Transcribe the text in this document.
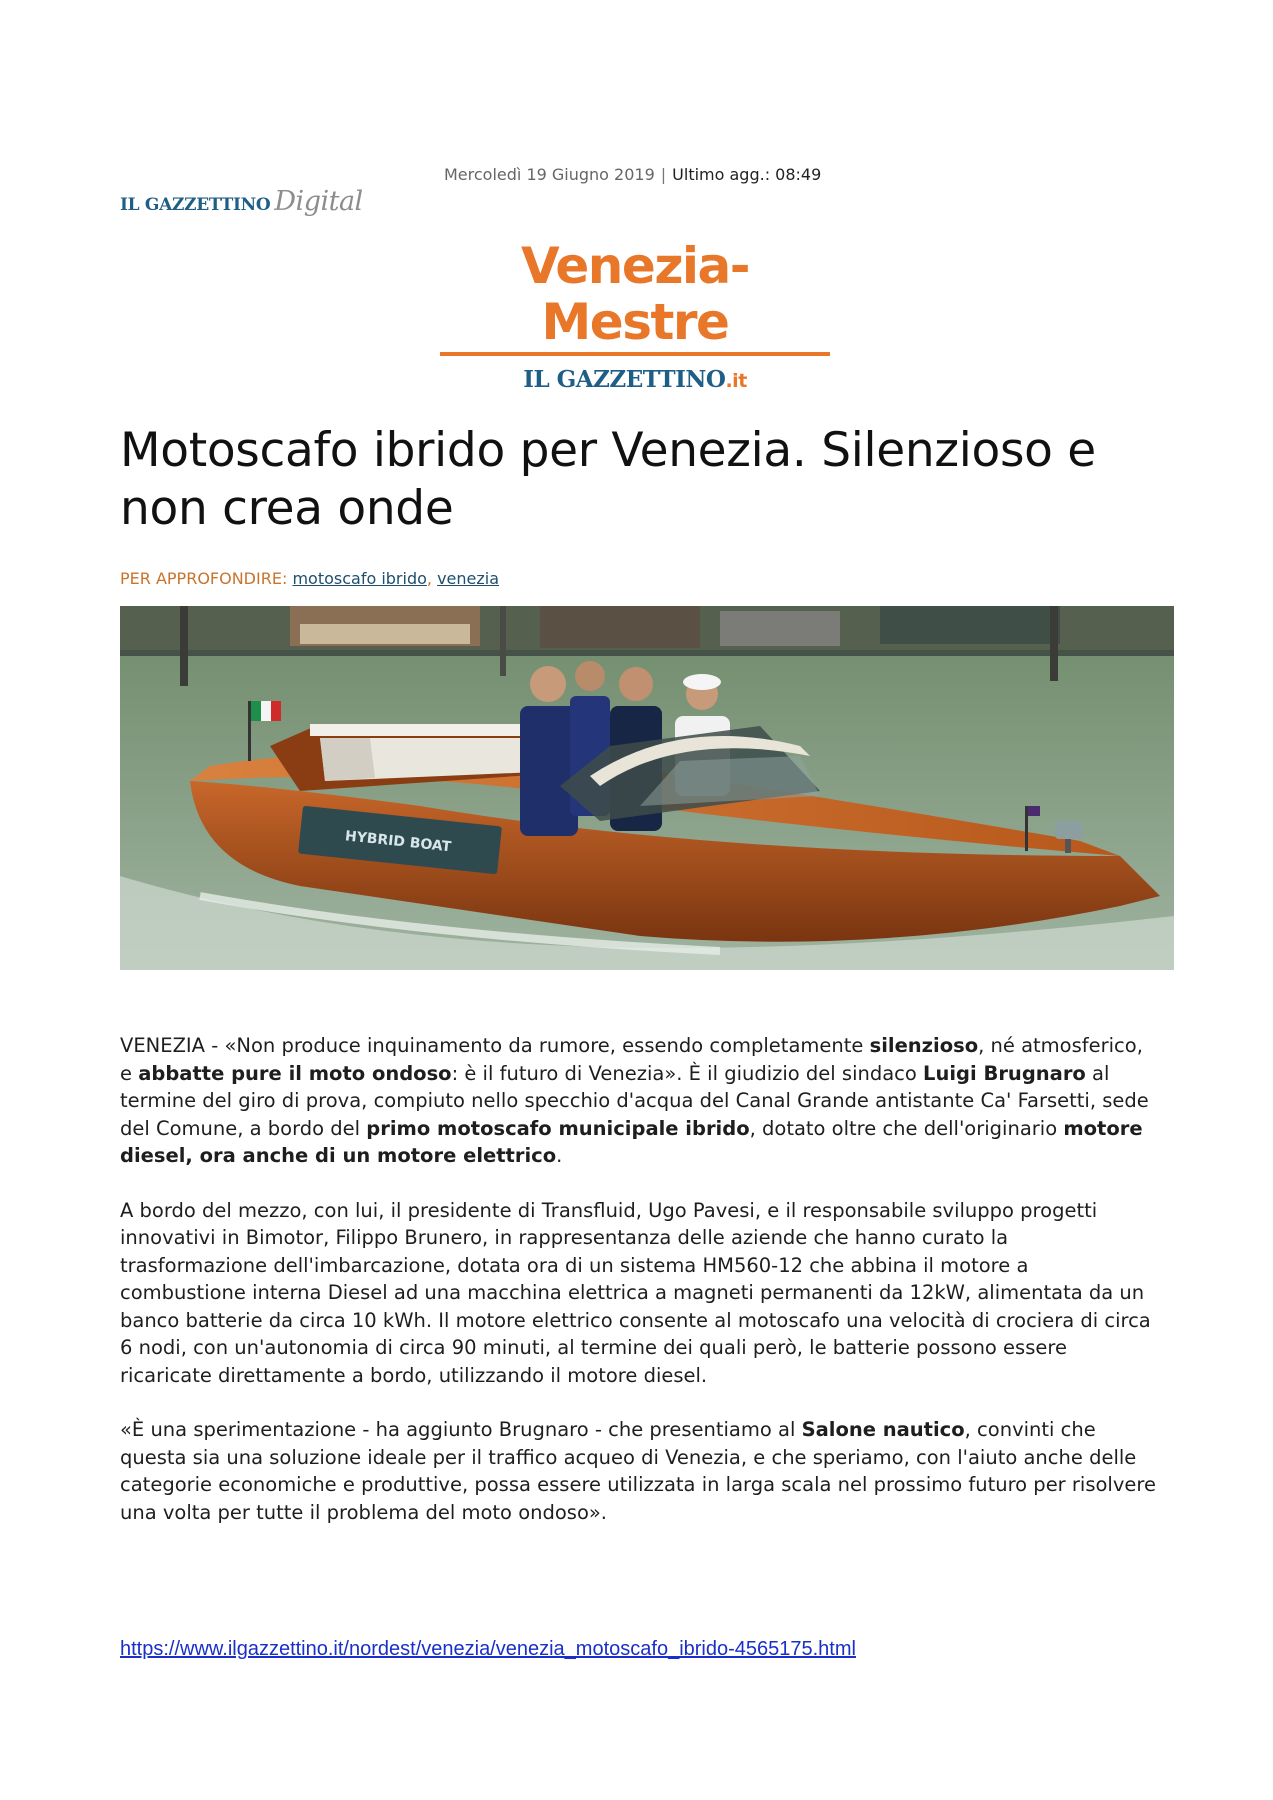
IL GAZZETTINO Digital
Mercoledì 19 Giugno 2019 | Ultimo agg.: 08:49
Venezia-Mestre
IL GAZZETTINO.it
Motoscafo ibrido per Venezia. Silenzioso e non crea onde
PER APPROFONDIRE: motoscafo ibrido, venezia
HYBRID BOAT

VENEZIA - «Non produce inquinamento da rumore, essendo completamente silenzioso, né atmosferico, e abbatte pure il moto ondoso: è il futuro di Venezia». È il giudizio del sindaco Luigi Brugnaro al termine del giro di prova, compiuto nello specchio d'acqua del Canal Grande antistante Ca' Farsetti, sede del Comune, a bordo del primo motoscafo municipale ibrido, dotato oltre che dell'originario motore diesel, ora anche di un motore elettrico.

A bordo del mezzo, con lui, il presidente di Transfluid, Ugo Pavesi, e il responsabile sviluppo progetti innovativi in Bimotor, Filippo Brunero, in rappresentanza delle aziende che hanno curato la trasformazione dell'imbarcazione, dotata ora di un sistema HM560-12 che abbina il motore a combustione interna Diesel ad una macchina elettrica a magneti permanenti da 12kW, alimentata da un banco batterie da circa 10 kWh. Il motore elettrico consente al motoscafo una velocità di crociera di circa 6 nodi, con un'autonomia di circa 90 minuti, al termine dei quali però, le batterie possono essere ricaricate direttamente a bordo, utilizzando il motore diesel.

«È una sperimentazione - ha aggiunto Brugnaro - che presentiamo al Salone nautico, convinti che questa sia una soluzione ideale per il traffico acqueo di Venezia, e che speriamo, con l'aiuto anche delle categorie economiche e produttive, possa essere utilizzata in larga scala nel prossimo futuro per risolvere una volta per tutte il problema del moto ondoso».

https://www.ilgazzettino.it/nordest/venezia/venezia_motoscafo_ibrido-4565175.html
